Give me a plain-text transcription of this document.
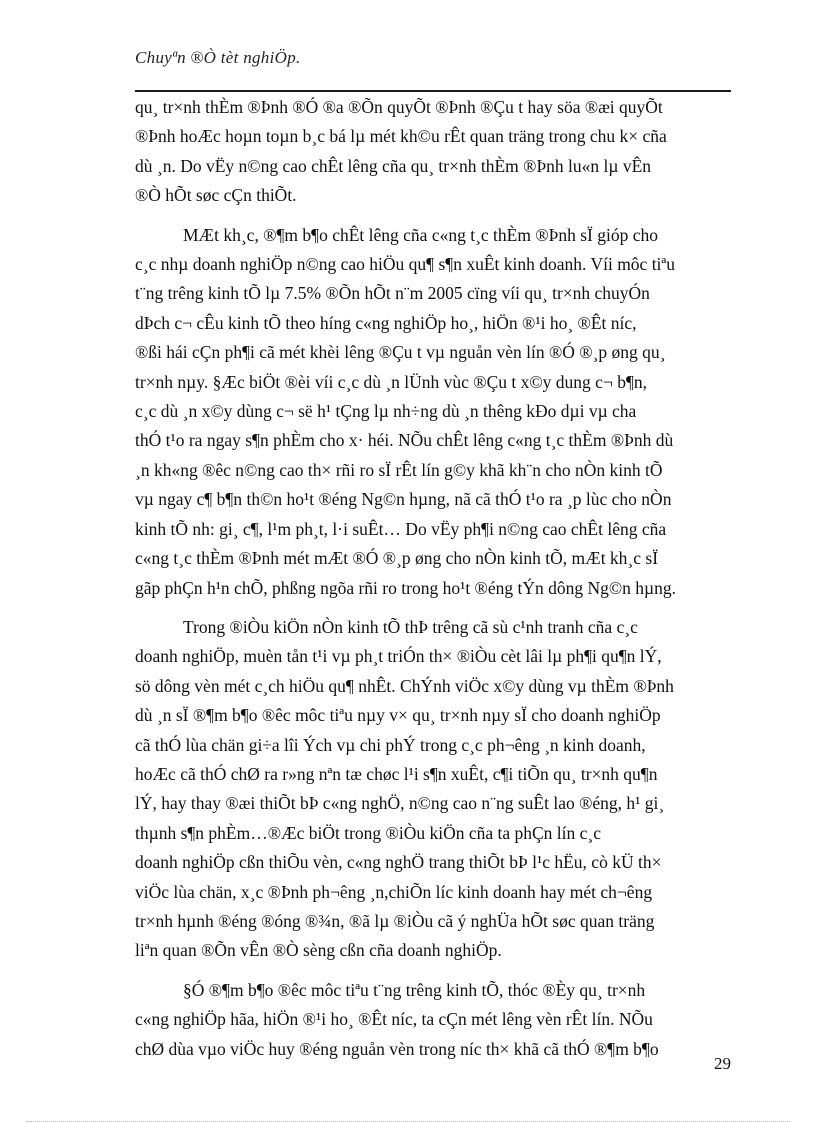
Chuyªn ®Ò tèt nghiÖp.

qu¸ tr×nh thÈm ®Þnh ®Ó ®a ®Õn quyÕt ®Þnh ®Çu t hay söa ®æi quyÕt
®Þnh hoÆc hoµn toµn b¸c bá lµ mét kh©u rÊt quan träng trong chu k× cña
dù ¸n. Do vËy n©ng cao chÊt lêng cña qu¸ tr×nh thÈm ®Þnh lu«n lµ vÊn
®Ò hÕt søc cÇn thiÕt.

MÆt kh¸c, ®¶m b¶o chÊt lêng cña c«ng t¸c thÈm ®Þnh sÏ gióp cho
c¸c nhµ doanh nghiÖp n©ng cao hiÖu qu¶ s¶n xuÊt kinh doanh. Víi môc tiªu
t¨ng trêng kinh tÕ lµ 7.5% ®Õn hÕt n¨m 2005 cïng víi qu¸ tr×nh chuyÓn
dÞch c¬ cÊu kinh tÕ theo híng c«ng nghiÖp ho¸, hiÖn ®¹i ho¸ ®Êt níc,
®ßi hái cÇn ph¶i cã mét khèi lêng ®Çu t vµ nguån vèn lín ®Ó ®¸p øng qu¸
tr×nh nµy. §Æc biÖt ®èi víi c¸c dù ¸n lÜnh vùc ®Çu t x©y dung c¬ b¶n,
c¸c dù ¸n x©y dùng c¬ së h¹ tÇng lµ nh÷ng dù ¸n thêng kÐo dµi vµ cha
thÓ t¹o ra ngay s¶n phÈm cho x· héi. NÕu chÊt lêng c«ng t¸c thÈm ®Þnh dù
¸n kh«ng ®êc n©ng cao th× rñi ro sÏ rÊt lín g©y khã kh¨n cho nÒn kinh tÕ
vµ ngay c¶ b¶n th©n ho¹t ®éng Ng©n hµng, nã cã thÓ t¹o ra ¸p lùc cho nÒn
kinh tÕ nh: gi¸ c¶, l¹m ph¸t, l·i suÊt… Do vËy ph¶i n©ng cao chÊt lêng cña
c«ng t¸c thÈm ®Þnh mét mÆt ®Ó ®¸p øng cho nÒn kinh tÕ, mÆt kh¸c sÏ
gãp phÇn h¹n chÕ, phßng ngõa rñi ro trong ho¹t ®éng tÝn dông Ng©n hµng.

Trong ®iÒu kiÖn nÒn kinh tÕ thÞ trêng cã sù c¹nh tranh cña c¸c
doanh nghiÖp, muèn tån t¹i vµ ph¸t triÓn th× ®iÒu cèt lâi lµ ph¶i qu¶n lÝ,
sö dông vèn mét c¸ch hiÖu qu¶ nhÊt. ChÝnh viÖc x©y dùng vµ thÈm ®Þnh
dù ¸n sÏ ®¶m b¶o ®êc môc tiªu nµy v× qu¸ tr×nh nµy sÏ cho doanh nghiÖp
cã thÓ lùa chän gi÷a lîi Ých vµ chi phÝ trong c¸c ph¬êng ¸n kinh doanh,
hoÆc cã thÓ chØ ra r»ng nªn tæ chøc l¹i s¶n xuÊt, c¶i tiÕn qu¸ tr×nh qu¶n
lÝ, hay thay ®æi thiÕt bÞ c«ng nghÖ, n©ng cao n¨ng suÊt lao ®éng, h¹ gi¸
thµnh s¶n phÈm…®Æc biÖt trong ®iÒu kiÖn cña ta phÇn lín c¸c
doanh nghiÖp cßn thiÕu vèn, c«ng nghÖ trang thiÕt bÞ l¹c hËu, cò kÜ th×
viÖc lùa chän, x¸c ®Þnh ph¬êng ¸n,chiÕn líc kinh doanh hay mét ch¬êng
tr×nh hµnh ®éng ®óng ®¾n, ®ã lµ ®iÒu cã ý nghÜa hÕt søc quan träng
liªn quan ®Õn vÊn ®Ò sèng cßn cña doanh nghiÖp.

§Ó ®¶m b¶o ®êc môc tiªu t¨ng trêng kinh tÕ, thóc ®Èy qu¸ tr×nh
c«ng nghiÖp hãa, hiÖn ®¹i ho¸ ®Êt níc, ta cÇn mét lêng vèn rÊt lín. NÕu
chØ dùa vµo viÖc huy ®éng nguån vèn trong níc th× khã cã thÓ ®¶m b¶o

29
